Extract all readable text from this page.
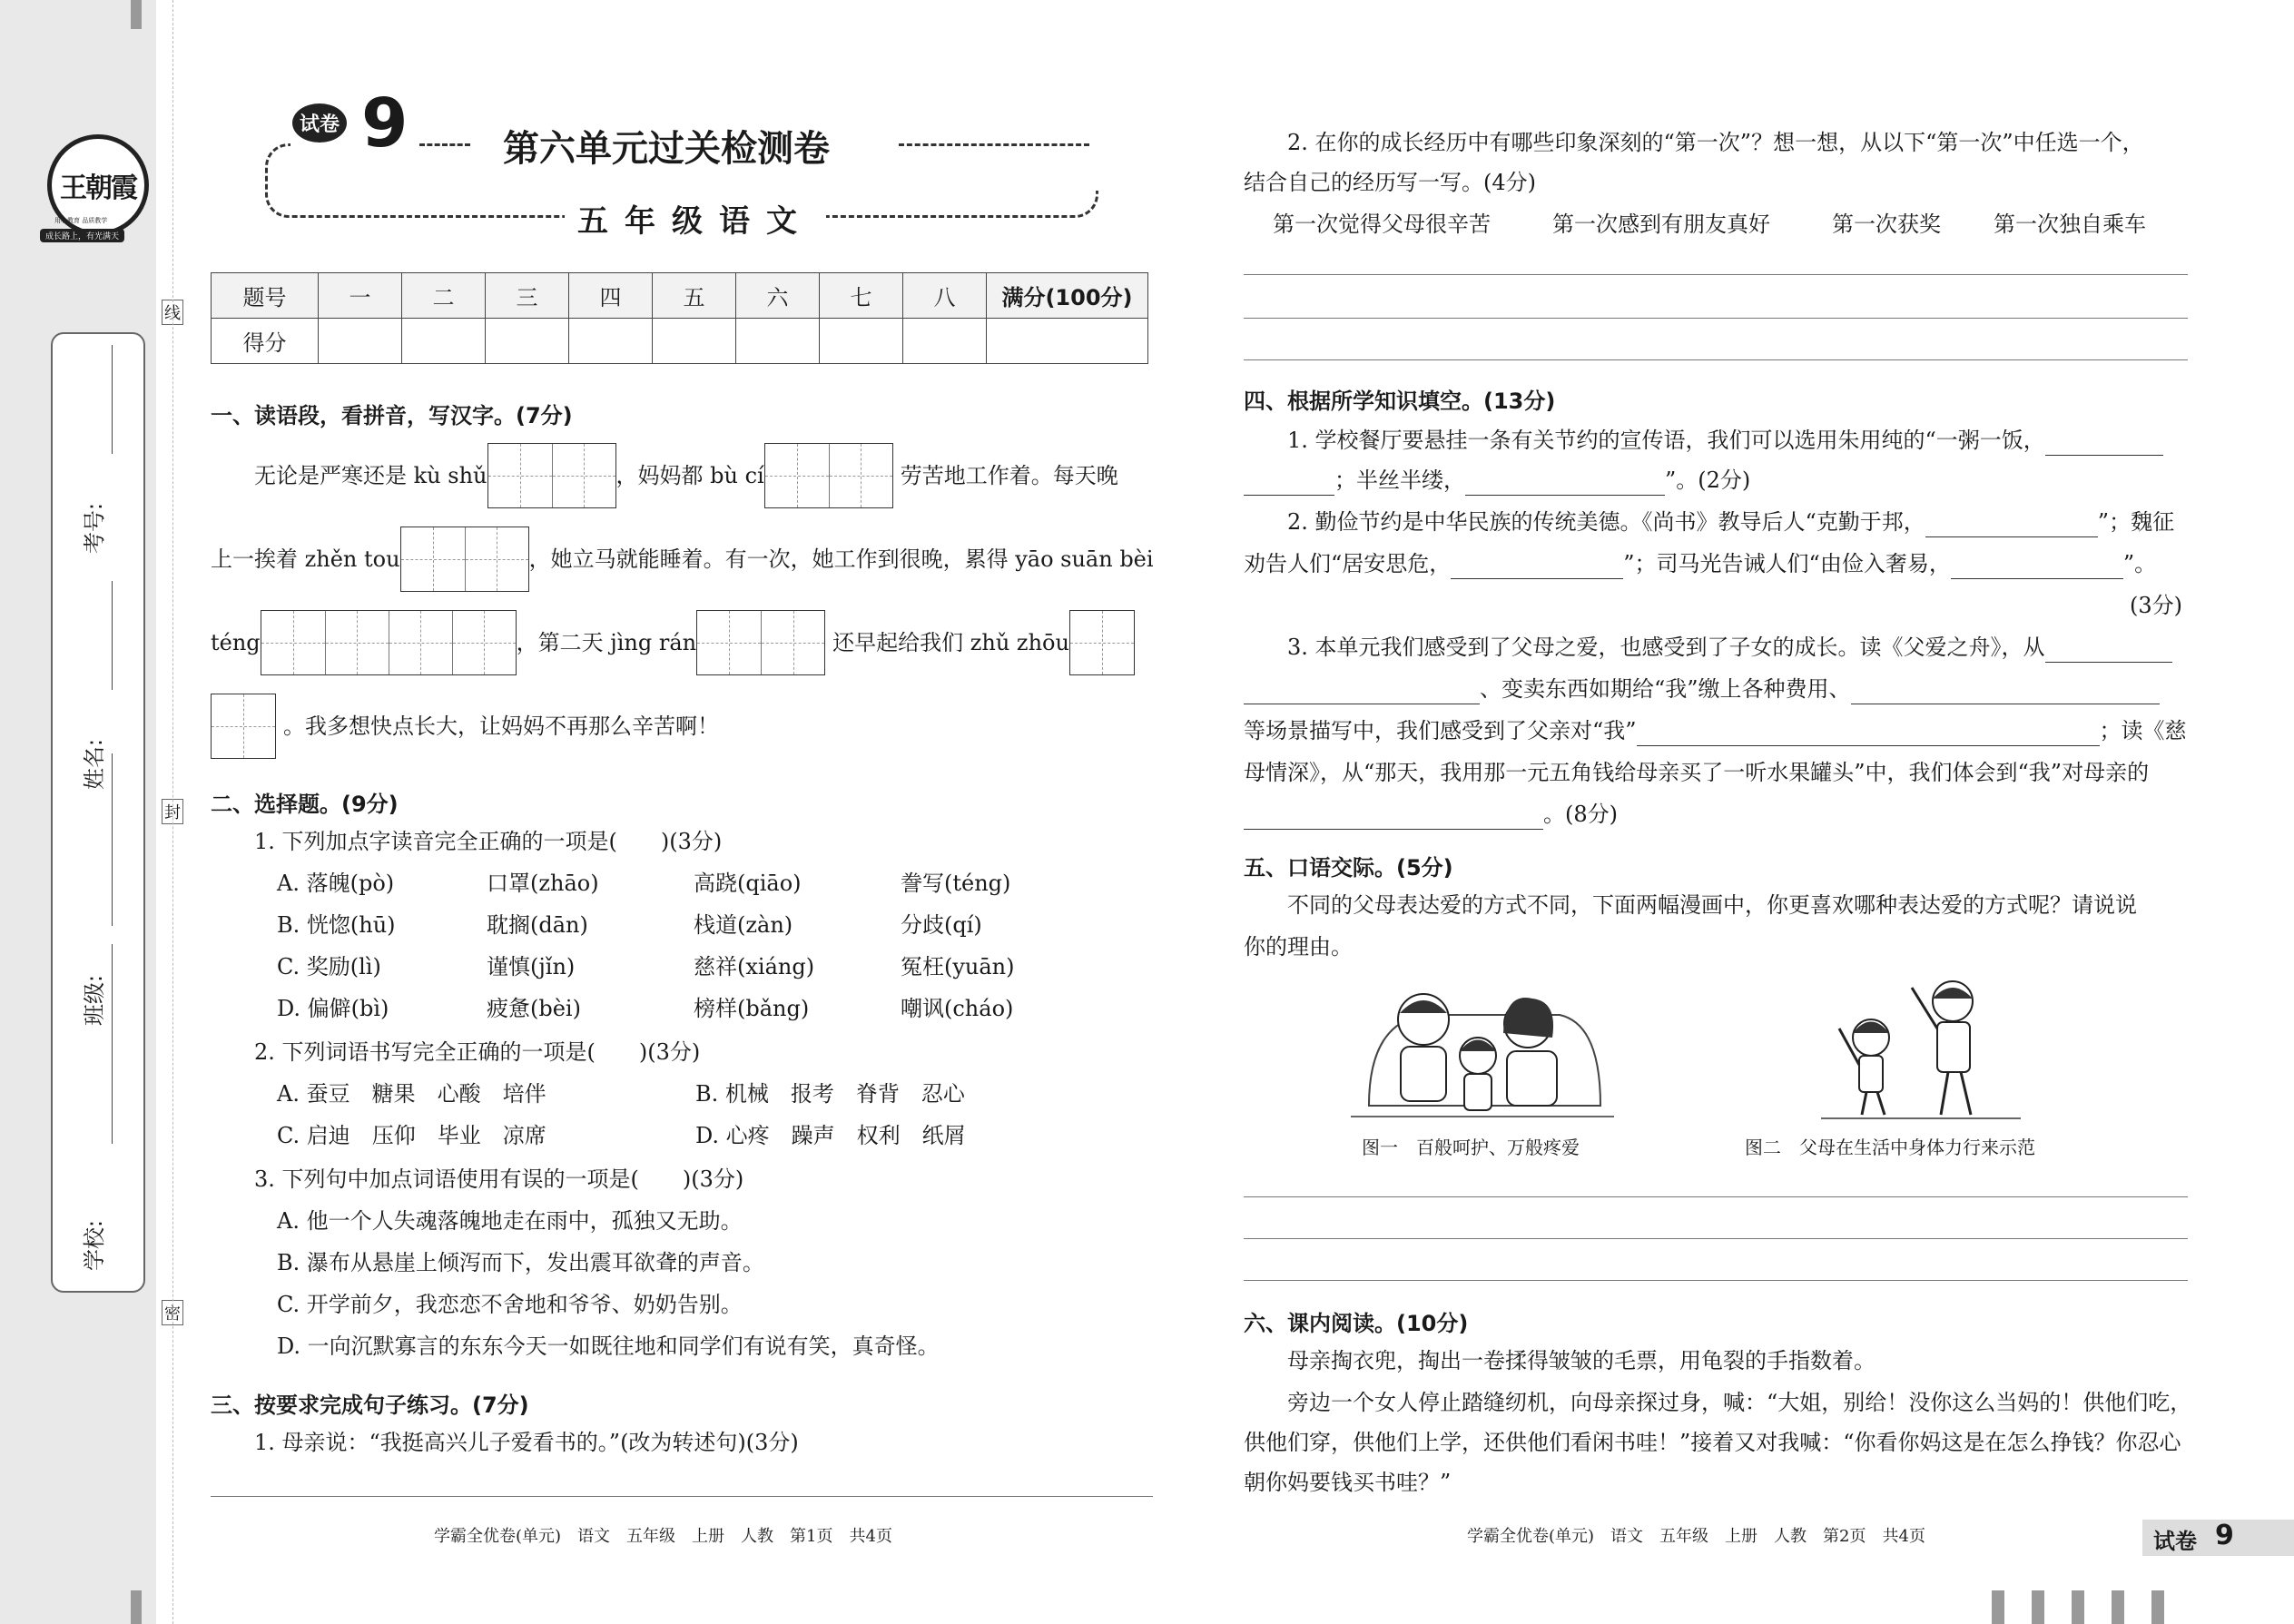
王朝霞
用心教育 品质教学
成长路上，有光满天
学校:
班级:
姓名:
考号:
线
封
密
试卷 9	第六单元过关检测卷
五年级语文
题号	一	二	三	四	五	六	七	八	满分(100分)
得分									
一、读语段，看拼音，写汉字。(7分)
无论是严寒还是 kù shǔ	，妈妈都 bù cí	劳苦地工作着。每天晚
上一挨着 zhěn tou	，她立马就能睡着。有一次，她工作到很晚，累得 yāo suān bèi
téng	，第二天 jìng rán	还早起给我们 zhǔ zhōu
。我多想快点长大，让妈妈不再那么辛苦啊！
二、选择题。(9分)
1. 下列加点字读音完全正确的一项是(　　)(3分)
A. 落魄(pò)	口罩(zhāo)	高跷(qiāo)	誊写(téng)
B. 恍惚(hū)	耽搁(dān)	栈道(zàn)	分歧(qí)
C. 奖励(lì)	谨慎(jǐn)	慈祥(xiáng)	冤枉(yuān)
D. 偏僻(bì)	疲惫(bèi)	榜样(bǎng)	嘲讽(cháo)
2. 下列词语书写完全正确的一项是(　　)(3分)
A. 蚕豆　糖果　心酸　培伴	B. 机械　报考　脊背　忍心
C. 启迪　压仰　毕业　凉席	D. 心疼　躁声　权利　纸屑
3. 下列句中加点词语使用有误的一项是(　　)(3分)
A. 他一个人失魂落魄地走在雨中，孤独又无助。
B. 瀑布从悬崖上倾泻而下，发出震耳欲聋的声音。
C. 开学前夕，我恋恋不舍地和爷爷、奶奶告别。
D. 一向沉默寡言的东东今天一如既往地和同学们有说有笑，真奇怪。
三、按要求完成句子练习。(7分)
1. 母亲说：“我挺高兴儿子爱看书的。”(改为转述句)(3分)
学霸全优卷(单元)　语文　五年级　上册　人教　第1页　共4页
2. 在你的成长经历中有哪些印象深刻的“第一次”？想一想，从以下“第一次”中任选一个，
结合自己的经历写一写。(4分)
第一次觉得父母很辛苦	第一次感到有朋友真好	第一次获奖 第一次独自乘车
四、根据所学知识填空。(13分)
1. 学校餐厅要悬挂一条有关节约的宣传语，我们可以选用朱用纯的“一粥一饭，
；半丝半缕，	”。(2分)
2. 勤俭节约是中华民族的传统美德。《尚书》教导后人“克勤于邦，	”；魏征
劝告人们“居安思危，	”；司马光告诫人们“由俭入奢易，	”。
(3分)
3. 本单元我们感受到了父母之爱，也感受到了子女的成长。读《父爱之舟》，从
、变卖东西如期给“我”缴上各种费用、
等场景描写中，我们感受到了父亲对“我”	；读《慈
母情深》，从“那天，我用那一元五角钱给母亲买了一听水果罐头”中，我们体会到“我”对母亲的
。(8分)
五、口语交际。(5分)
不同的父母表达爱的方式不同，下面两幅漫画中，你更喜欢哪种表达爱的方式呢？请说说
你的理由。
图一　百般呵护、万般疼爱	图二　父母在生活中身体力行来示范
六、课内阅读。(10分)
母亲掏衣兜，掏出一卷揉得皱皱的毛票，用龟裂的手指数着。
旁边一个女人停止踏缝纫机，向母亲探过身，喊：“大姐，别给！没你这么当妈的！供他们吃，
供他们穿，供他们上学，还供他们看闲书哇！”接着又对我喊：“你看你妈这是在怎么挣钱？你忍心
朝你妈要钱买书哇？”
学霸全优卷(单元)　语文　五年级　上册　人教　第2页　共4页	试卷 9
